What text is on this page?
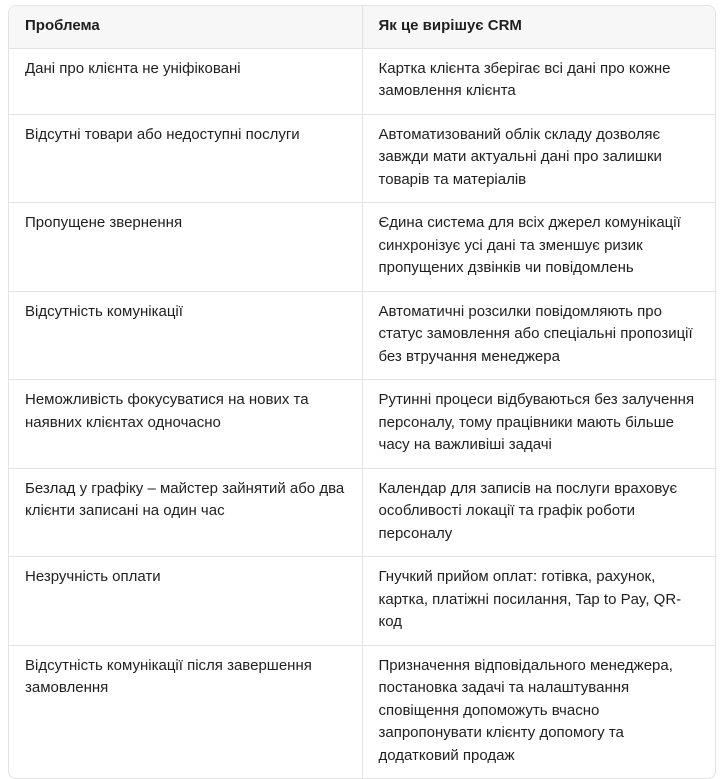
Проблема	Як це вирішує CRM
Дані про клієнта не уніфіковані	Картка клієнта зберігає всі дані про кожне замовлення клієнта
Відсутні товари або недоступні послуги	Автоматизований облік складу дозволяє завжди мати актуальні дані про залишки товарів та матеріалів
Пропущене звернення	Єдина система для всіх джерел комунікації синхронізує усі дані та зменшує ризик пропущених дзвінків чи повідомлень
Відсутність комунікації	Автоматичні розсилки повідомляють про статус замовлення або спеціальні пропозиції без втручання менеджера
Неможливість фокусуватися на нових та наявних клієнтах одночасно	Рутинні процеси відбуваються без залучення персоналу, тому працівники мають більше часу на важливіші задачі
Безлад у графіку – майстер зайнятий або два клієнти записані на один час	Календар для записів на послуги враховує особливості локації та графік роботи персоналу
Незручність оплати	Гнучкий прийом оплат: готівка, рахунок, картка, платіжні посилання, Tap to Pay, QR-код
Відсутність комунікації після завершення замовлення	Призначення відповідального менеджера, постановка задачі та налаштування сповіщення допоможуть вчасно запропонувати клієнту допомогу та додатковий продаж
